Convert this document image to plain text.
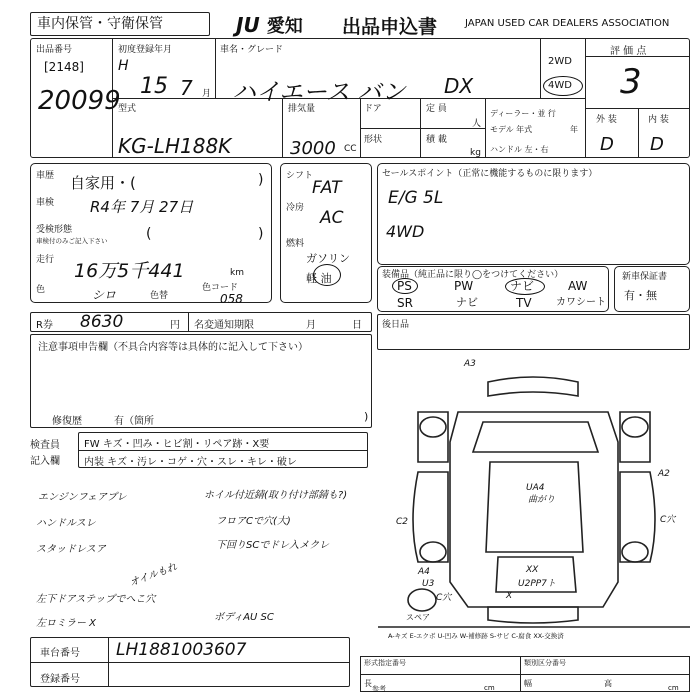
車内保管・守衛保管	JU 愛知 出品申込書	JAPAN USED CAR DEALERS ASSOCIATION
出品番号
[2148]
20099
初度登録年月
H
15 7 月
車名・グレード
ハイエース バン DX
2WD
4WD
評 価 点
3
外 装	内 装
D D
型式
KG-LH188K
排気量
3000 CC
ドア	定 員
人
形状	積 載
kg
ディーラー・並 行
モデル 年式	年
ハンドル 左・右
車歴 自家用・(	)
車検 R4年 7月 27日
受検形態
車検付のみご記入下さい	(	)
走行 16万5千441	km
色	シロ	色替
色コード
058
シフト
FAT
冷房 AC
燃料
ガソリン
軽 油
セールスポイント（正常に機能するものに限ります）
E/G 5L
4WD
装備品（純正品に限り◯をつけてください）
PS	PW	ナビ	AW
SR	ナビ	TV カワシート
新車保証書
有・無
R券 8630	円 名変通知期限	月	日 後日品
注意事項申告欄（不具合内容等は具体的に記入して下さい）
修復歴	有（箇所	)
検査員
記入欄
FW キズ・凹み・ヒビ割・リペア跡・X要
内装 キズ・汚レ・コゲ・穴・スレ・キレ・破レ
エンジンフェアプレ
ハンドルスレ
スタッドレスア
オイルもれ
左下ドアステップでへこ穴
左ロミラー X
ホイル付近錆(取り付け部錆も?)
フロアCで穴(大)
下回りSCでドレ入メクレ
ボディAU SC
A3
A2
UA4
曲がり
C2	C穴
A4
U3
C穴
XX
U2PP7ト
X
スペア
A-キズ E-エクボ U-凹み W-補修跡 S-サビ C-腐食 XX-交換済
車台番号 LH1881003607
登録番号
形式指定番号	類別区分番号
長
参考	cm	幅	高	cm
